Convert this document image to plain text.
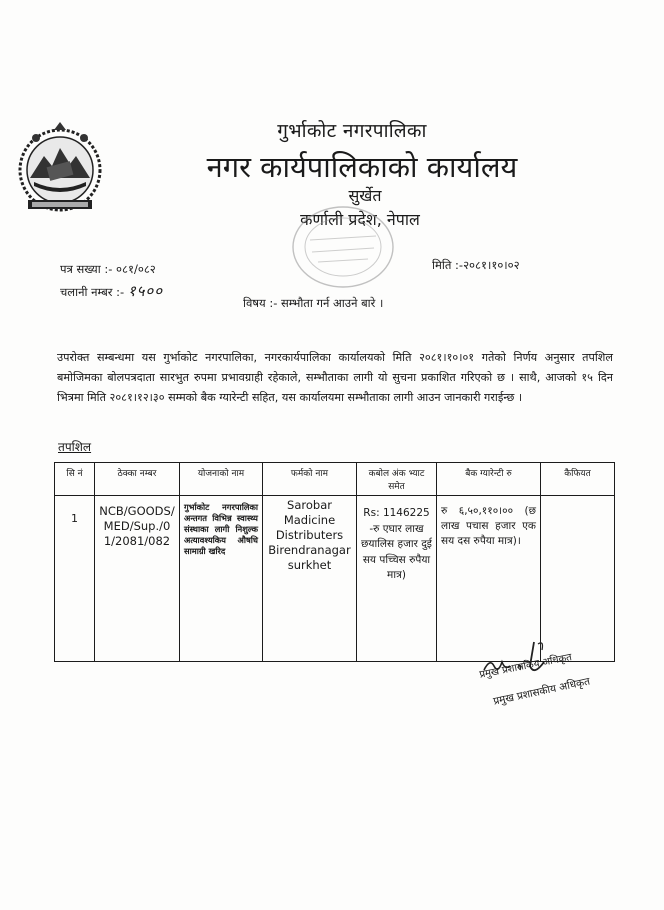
गुर्भाकोट नगरपालिका
नगर कार्यपालिकाको कार्यालय
सुर्खेत
कर्णाली प्रदेश, नेपाल
पत्र सख्या :- ०८१/०८२
चलानी नम्बर :- १५००
मिति :-२०८१।१०।०२
विषय :- सम्भौता गर्न आउने बारे ।
उपरोक्त सम्बन्धमा यस गुर्भाकोट नगरपालिका, नगरकार्यपालिका कार्यालयको मिति २०८१।१०।०१ गतेको निर्णय अनुसार तपशिल बमोजिमका बोलपत्रदाता सारभुत रुपमा प्रभावग्राही रहेकाले, सम्भौताका लागी यो सुचना प्रकाशित गरिएको छ । साथै, आजको १५ दिन भित्रमा मिति २०८१।१२।३० सम्मको बैक ग्यारेन्टी सहित, यस कार्यालयमा सम्भौताका लागी आउन जानकारी गराईन्छ ।
तपशिल
सि नं	ठेक्का नम्बर	योजनाको नाम	फर्मको नाम	कबोल अंक भ्याट समेत	बैक ग्यारेन्टी रु	कैफियत
1	NCB/GOODS/MED/Sup./01/2081/082	गुर्भाकोट नगरपालिका अन्तगत विभिन्न स्वास्थ्य संस्थाका लागी निशुल्क अत्यावश्यकिय औषधि सामाग्री खरिद	Sarobar Madicine Distributers Birendranagar surkhet	Rs: 1146225 -रु एघार लाख छयालिस हजार दुई सय पच्चिस रुपैया मात्र)	रु ६,५०,११०।०० (छ लाख पचास हजार एक सय दस रुपैया मात्र)।	
प्रमुख प्रशासकिय अधिकृत
प्रमुख प्रशासकीय अधिकृत
